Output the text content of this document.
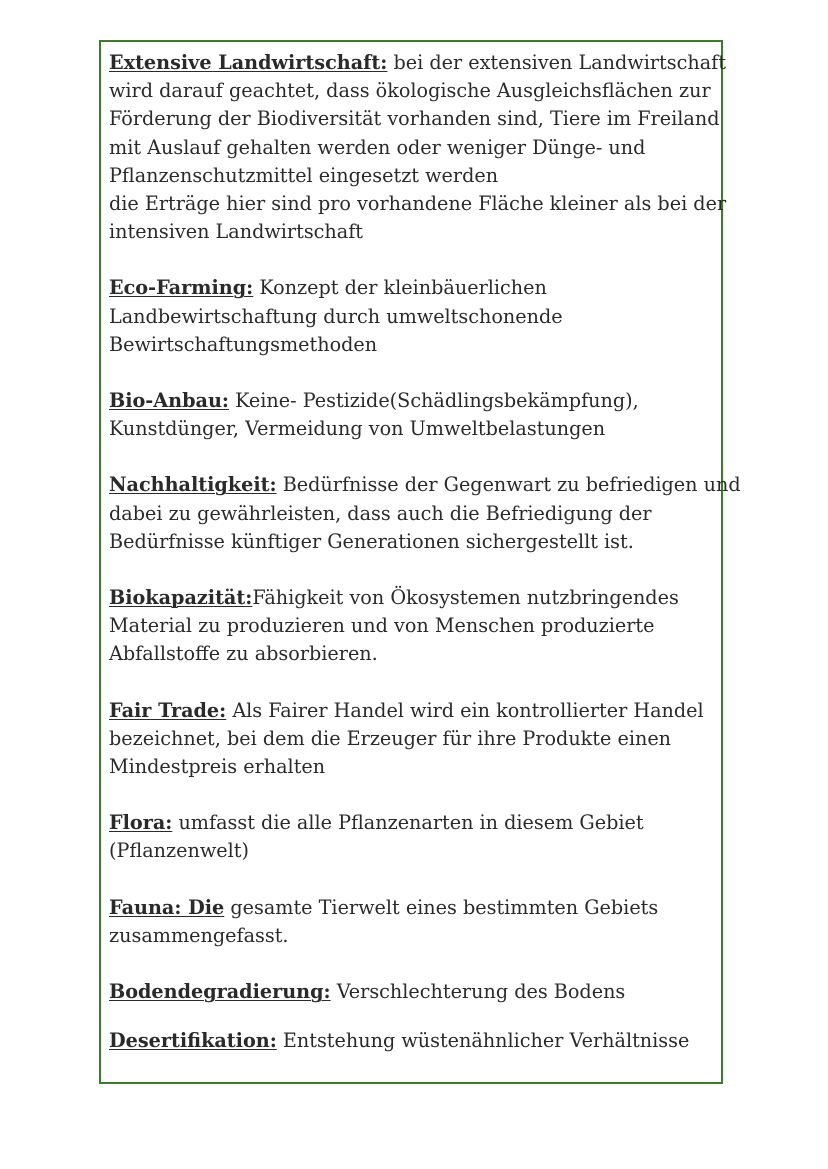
Extensive Landwirtschaft: bei der extensiven Landwirtschaft
wird darauf geachtet, dass ökologische Ausgleichsflächen zur
Förderung der Biodiversität vorhanden sind, Tiere im Freiland
mit Auslauf gehalten werden oder weniger Dünge- und
Pflanzenschutzmittel eingesetzt werden
die Erträge hier sind pro vorhandene Fläche kleiner als bei der
intensiven Landwirtschaft

Eco-Farming: Konzept der kleinbäuerlichen
Landbewirtschaftung durch umweltschonende
Bewirtschaftungsmethoden

Bio-Anbau: Keine- Pestizide(Schädlingsbekämpfung),
Kunstdünger, Vermeidung von Umweltbelastungen

Nachhaltigkeit: Bedürfnisse der Gegenwart zu befriedigen und
dabei zu gewährleisten, dass auch die Befriedigung der
Bedürfnisse künftiger Generationen sichergestellt ist.

Biokapazität:Fähigkeit von Ökosystemen nutzbringendes
Material zu produzieren und von Menschen produzierte
Abfallstoffe zu absorbieren.

Fair Trade: Als Fairer Handel wird ein kontrollierter Handel
bezeichnet, bei dem die Erzeuger für ihre Produkte einen
Mindestpreis erhalten

Flora: umfasst die alle Pflanzenarten in diesem Gebiet
(Pflanzenwelt)

Fauna: Die gesamte Tierwelt eines bestimmten Gebiets
zusammengefasst.

Bodendegradierung: Verschlechterung des Bodens

Desertifikation: Entstehung wüstenähnlicher Verhältnisse
